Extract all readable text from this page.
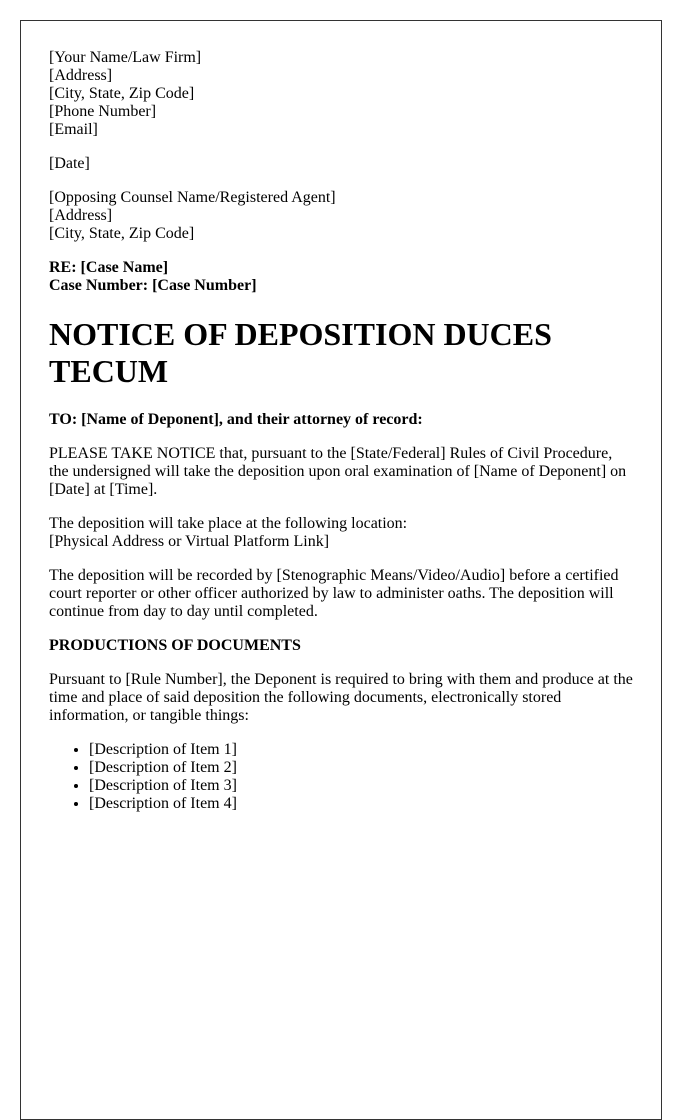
[Your Name/Law Firm]
[Address]
[City, State, Zip Code]
[Phone Number]
[Email]
[Date]
[Opposing Counsel Name/Registered Agent]
[Address]
[City, State, Zip Code]
RE: [Case Name]
Case Number: [Case Number]
NOTICE OF DEPOSITION DUCES TECUM

TO: [Name of Deponent], and their attorney of record:

PLEASE TAKE NOTICE that, pursuant to the [State/Federal] Rules of Civil Procedure, the undersigned will take the deposition upon oral examination of [Name of Deponent] on [Date] at [Time].

The deposition will take place at the following location:
[Physical Address or Virtual Platform Link]

The deposition will be recorded by [Stenographic Means/Video/Audio] before a certified court reporter or other officer authorized by law to administer oaths. The deposition will continue from day to day until completed.

PRODUCTIONS OF DOCUMENTS

Pursuant to [Rule Number], the Deponent is required to bring with them and produce at the time and place of said deposition the following documents, electronically stored information, or tangible things:

• [Description of Item 1]
• [Description of Item 2]
• [Description of Item 3]
• [Description of Item 4]
